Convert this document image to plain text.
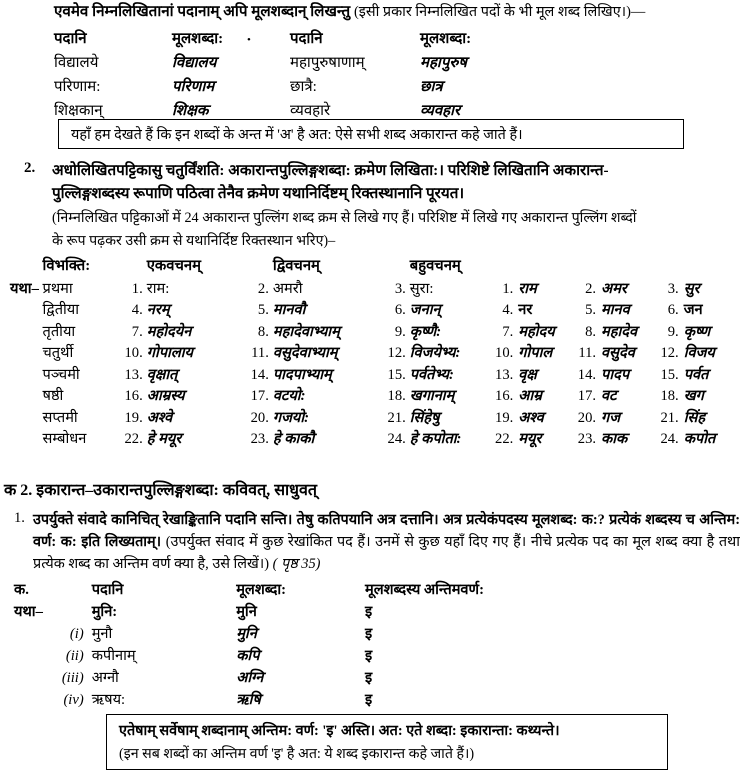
एवमेव निम्नलिखितानां पदानाम् अपि मूलशब्दान् लिखन्तु (इसी प्रकार निम्नलिखित पदों के भी मूल शब्द लिखिए।)—
•
पदानि	मूलशब्दा:	पदानि	मूलशब्दा:
विद्यालये	विद्यालय	महापुरुषाणाम्	महापुरुष
परिणाम:	परिणाम	छात्रै:	छात्र
शिक्षकान्	शिक्षक	व्यवहारे	व्यवहार
यहाँ हम देखते हैं कि इन शब्दों के अन्त में 'अ' है अत: ऐसे सभी शब्द अकारान्त कहे जाते हैं।
2. अधोलिखितपट्टिकासु चतुर्विंशति: अकारान्तपुल्लिङ्गशब्दा: क्रमेण लिखिता:। परिशिष्टे लिखितानि अकारान्त-
पुल्लिङ्गशब्दस्य रूपाणि पठित्वा तेनैव क्रमेण यथानिर्दिष्टम् रिक्तस्थानानि पूरयत।
(निम्नलिखित पट्टिकाओं में 24 अकारान्त पुल्लिंग शब्द क्रम से लिखे गए हैं। परिशिष्ट में लिखे गए अकारान्त पुल्लिंग शब्दों
के रूप पढ़कर उसी क्रम से यथानिर्दिष्ट रिक्तस्थान भरिए)–
	विभक्ति:		एकवचनम्		द्विवचनम्		बहुवचनम्						
यथा–	प्रथमा	1.	राम:	2.	अमरौ	3.	सुरा:	1.	राम	2.	अमर	3.	सुर
	द्वितीया	4.	नरम्	5.	मानवौ	6.	जनान्	4.	नर	5.	मानव	6.	जन
	तृतीया	7.	महोदयेन	8.	महादेवाभ्याम्	9.	कृष्णै:	7.	महोदय	8.	महादेव	9.	कृष्ण
	चतुर्थी	10.	गोपालाय	11.	वसुदेवाभ्याम्	12.	विजयेभ्य:	10.	गोपाल	11.	वसुदेव	12.	विजय
	पञ्चमी	13.	वृक्षात्	14.	पादपाभ्याम्	15.	पर्वतेभ्य:	13.	वृक्ष	14.	पादप	15.	पर्वत
	षष्ठी	16.	आम्रस्य	17.	वटयो:	18.	खगानाम्	16.	आम्र	17.	वट	18.	खग
	सप्तमी	19.	अश्वे	20.	गजयो:	21.	सिंहेषु	19.	अश्व	20.	गज	21.	सिंह
	सम्बोधन	22.	हे मयूर	23.	हे काकौ	24.	हे कपोता:	22.	मयूर	23.	काक	24.	कपोत
क 2. इकारान्त–उकारान्तपुल्लिङ्गशब्दा: कविवत्, साधुवत्
1. उपर्युक्ते संवादे कानिचित् रेखाङ्कितानि पदानि सन्ति। तेषु कतिपयानि अत्र दत्तानि। अत्र प्रत्येकंपदस्य मूलशब्द: क:? प्रत्येकं शब्दस्य च अन्तिम: वर्ण: क: इति लिख्यताम्। (उपर्युक्त संवाद में कुछ रेखांकित पद हैं। उनमें से कुछ यहाँ दिए गए हैं। नीचे प्रत्येक पद का मूल शब्द क्या है तथा प्रत्येक शब्द का अन्तिम वर्ण क्या है, उसे लिखें।) ( पृष्ठ 35)
क.		पदानि	मूलशब्दा:	मूलशब्दस्य अन्तिमवर्ण:
यथा–		मुनि:	मुनि	इ
	(i)	मुनौ	मुनि	इ
	(ii)	कपीनाम्	कपि	इ
	(iii)	अग्नौ	अग्नि	इ
	(iv)	ऋषय:	ऋषि	इ
एतेषाम् सर्वेषाम् शब्दानाम् अन्तिम: वर्ण: 'इ' अस्ति। अत: एते शब्दा: इकारान्ता: कथ्यन्ते।
(इन सब शब्दों का अन्तिम वर्ण 'इ' है अत: ये शब्द इकारान्त कहे जाते हैं।)
